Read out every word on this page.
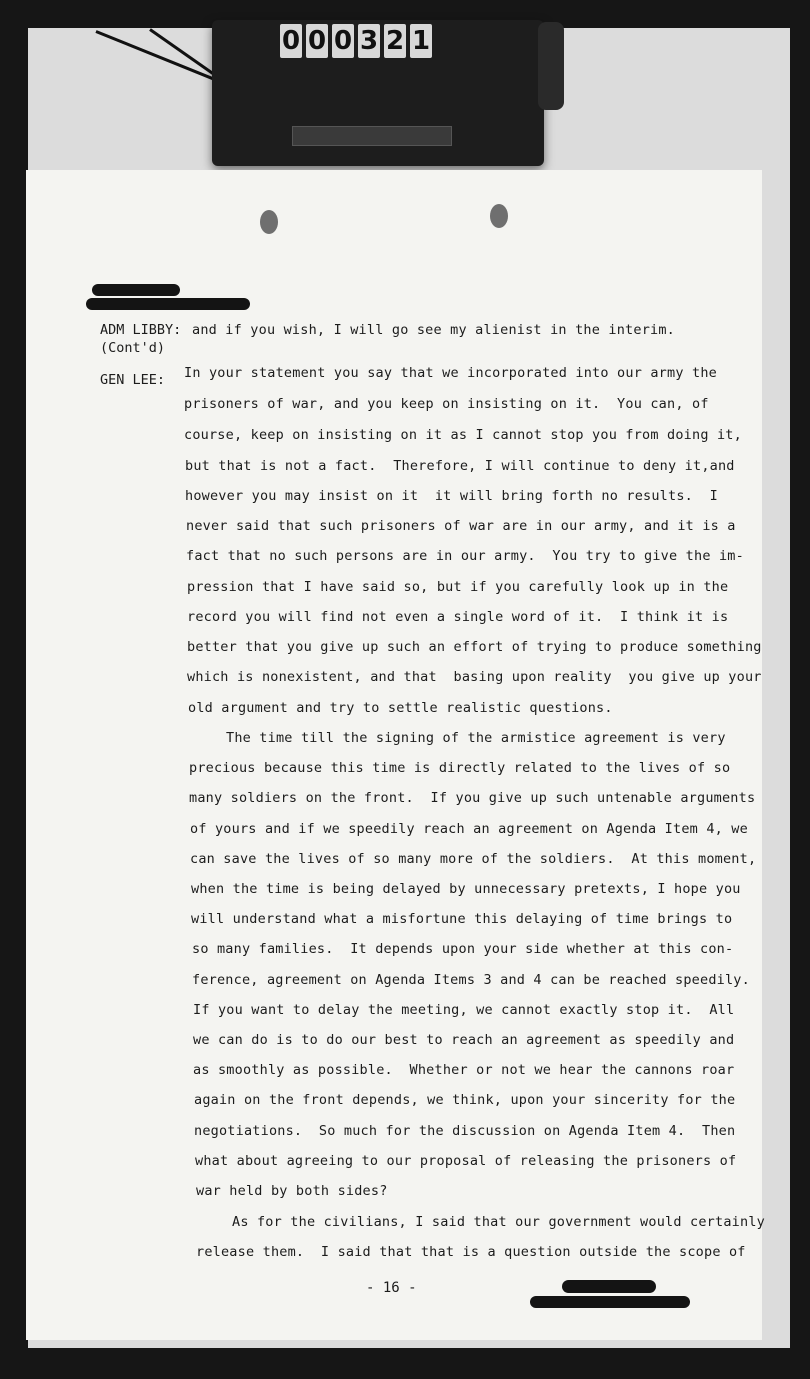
0 0 0 3 2 1
ADM LIBBY: and if you wish, I will go see my alienist in the interim.
(Cont'd)
GEN LEE: In your statement you say that we incorporated into our army the
prisoners of war, and you keep on insisting on it.  You can, of
course, keep on insisting on it as I cannot stop you from doing it,
but that is not a fact.  Therefore, I will continue to deny it,and
however you may insist on it  it will bring forth no results.  I
never said that such prisoners of war are in our army, and it is a
fact that no such persons are in our army.  You try to give the im-
pression that I have said so, but if you carefully look up in the
record you will find not even a single word of it.  I think it is
better that you give up such an effort of trying to produce something
which is nonexistent, and that  basing upon reality  you give up your
old argument and try to settle realistic questions.
The time till the signing of the armistice agreement is very
precious because this time is directly related to the lives of so
many soldiers on the front.  If you give up such untenable arguments
of yours and if we speedily reach an agreement on Agenda Item 4, we
can save the lives of so many more of the soldiers.  At this moment,
when the time is being delayed by unnecessary pretexts, I hope you
will understand what a misfortune this delaying of time brings to
so many families.  It depends upon your side whether at this con-
ference, agreement on Agenda Items 3 and 4 can be reached speedily.
If you want to delay the meeting, we cannot exactly stop it.  All
we can do is to do our best to reach an agreement as speedily and
as smoothly as possible.  Whether or not we hear the cannons roar
again on the front depends, we think, upon your sincerity for the
negotiations.  So much for the discussion on Agenda Item 4.  Then
what about agreeing to our proposal of releasing the prisoners of
war held by both sides?
As for the civilians, I said that our government would certainly
release them.  I said that that is a question outside the scope of
- 16 -
